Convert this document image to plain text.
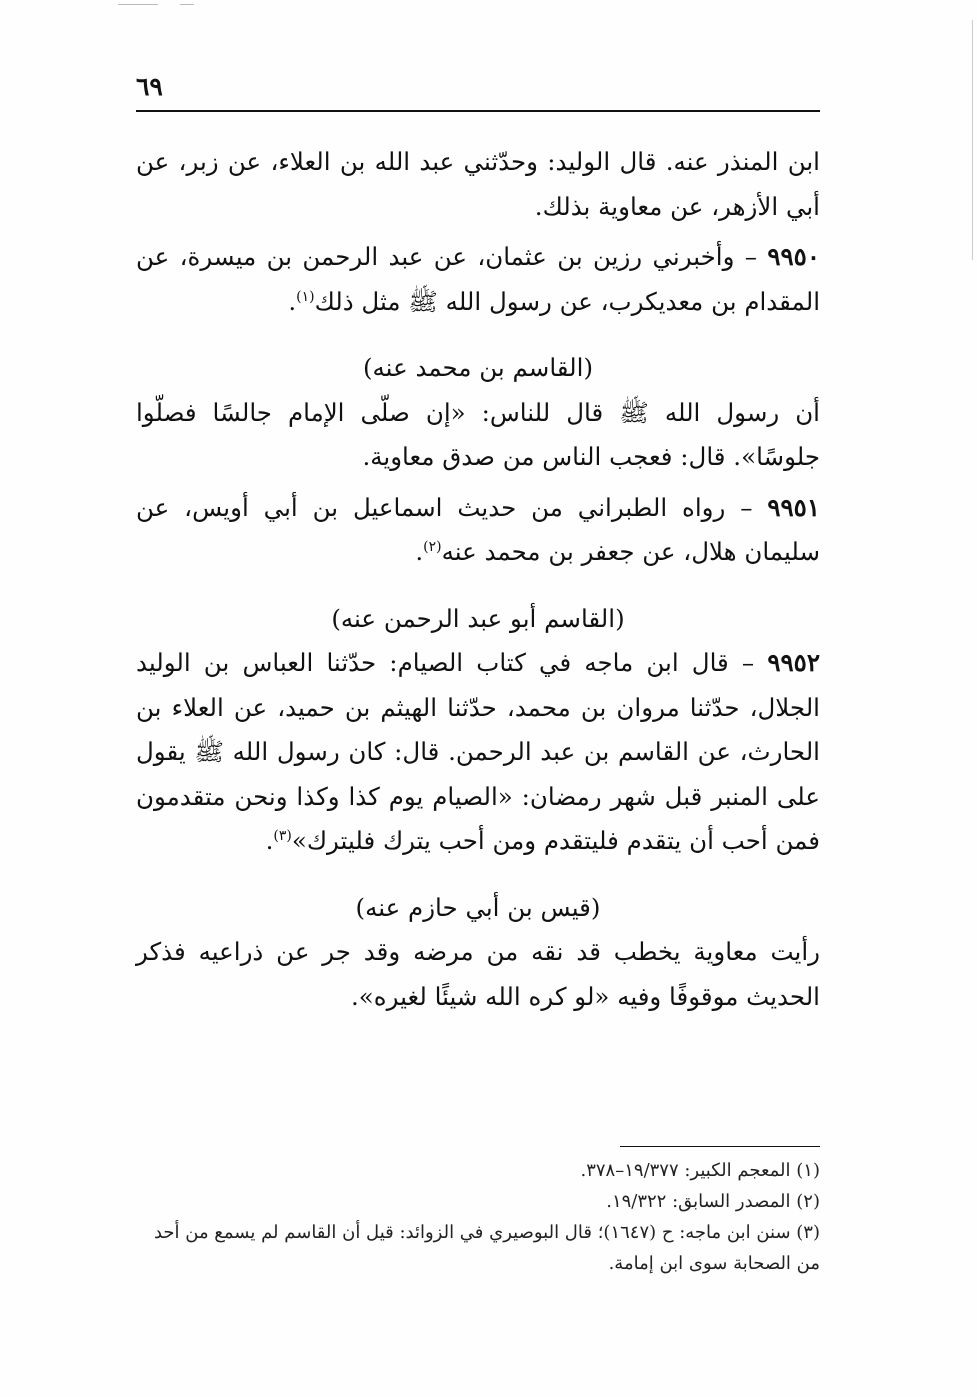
٦٩

ابن المنذر عنه. قال الوليد: وحدّثني عبد الله بن العلاء، عن زبر، عن أبي الأزهر، عن معاوية بذلك.

٩٩٥٠ – وأخبرني رزين بن عثمان، عن عبد الرحمن بن ميسرة، عن المقدام بن معديكرب، عن رسول الله ﷺ مثل ذلك$^{(١)}$.

(القاسم بن محمد عنه)

أن رسول الله ﷺ قال للناس: «إن صلّى الإمام جالسًا فصلّوا جلوسًا». قال: فعجب الناس من صدق معاوية.

٩٩٥١ – رواه الطبراني من حديث اسماعيل بن أبي أويس، عن سليمان هلال، عن جعفر بن محمد عنه$^{(٢)}$.

(القاسم أبو عبد الرحمن عنه)

٩٩٥٢ – قال ابن ماجه في كتاب الصيام: حدّثنا العباس بن الوليد الجلال، حدّثنا مروان بن محمد، حدّثنا الهيثم بن حميد، عن العلاء بن الحارث، عن القاسم بن عبد الرحمن. قال: كان رسول الله ﷺ يقول على المنبر قبل شهر رمضان: «الصيام يوم كذا وكذا ونحن متقدمون فمن أحب أن يتقدم فليتقدم ومن أحب يترك فليترك»$^{(٣)}$.

(قيس بن أبي حازم عنه)

رأيت معاوية يخطب قد نقه من مرضه وقد جر عن ذراعيه فذكر الحديث موقوفًا وفيه «لو كره الله شيئًا لغيره».

(١) المعجم الكبير: ١٩/٣٧٧–٣٧٨.

(٢) المصدر السابق: ١٩/٣٢٢.

(٣) سنن ابن ماجه: ح (١٦٤٧)؛ قال البوصيري في الزوائد: قيل أن القاسم لم يسمع من أحد من الصحابة سوى ابن إمامة.
